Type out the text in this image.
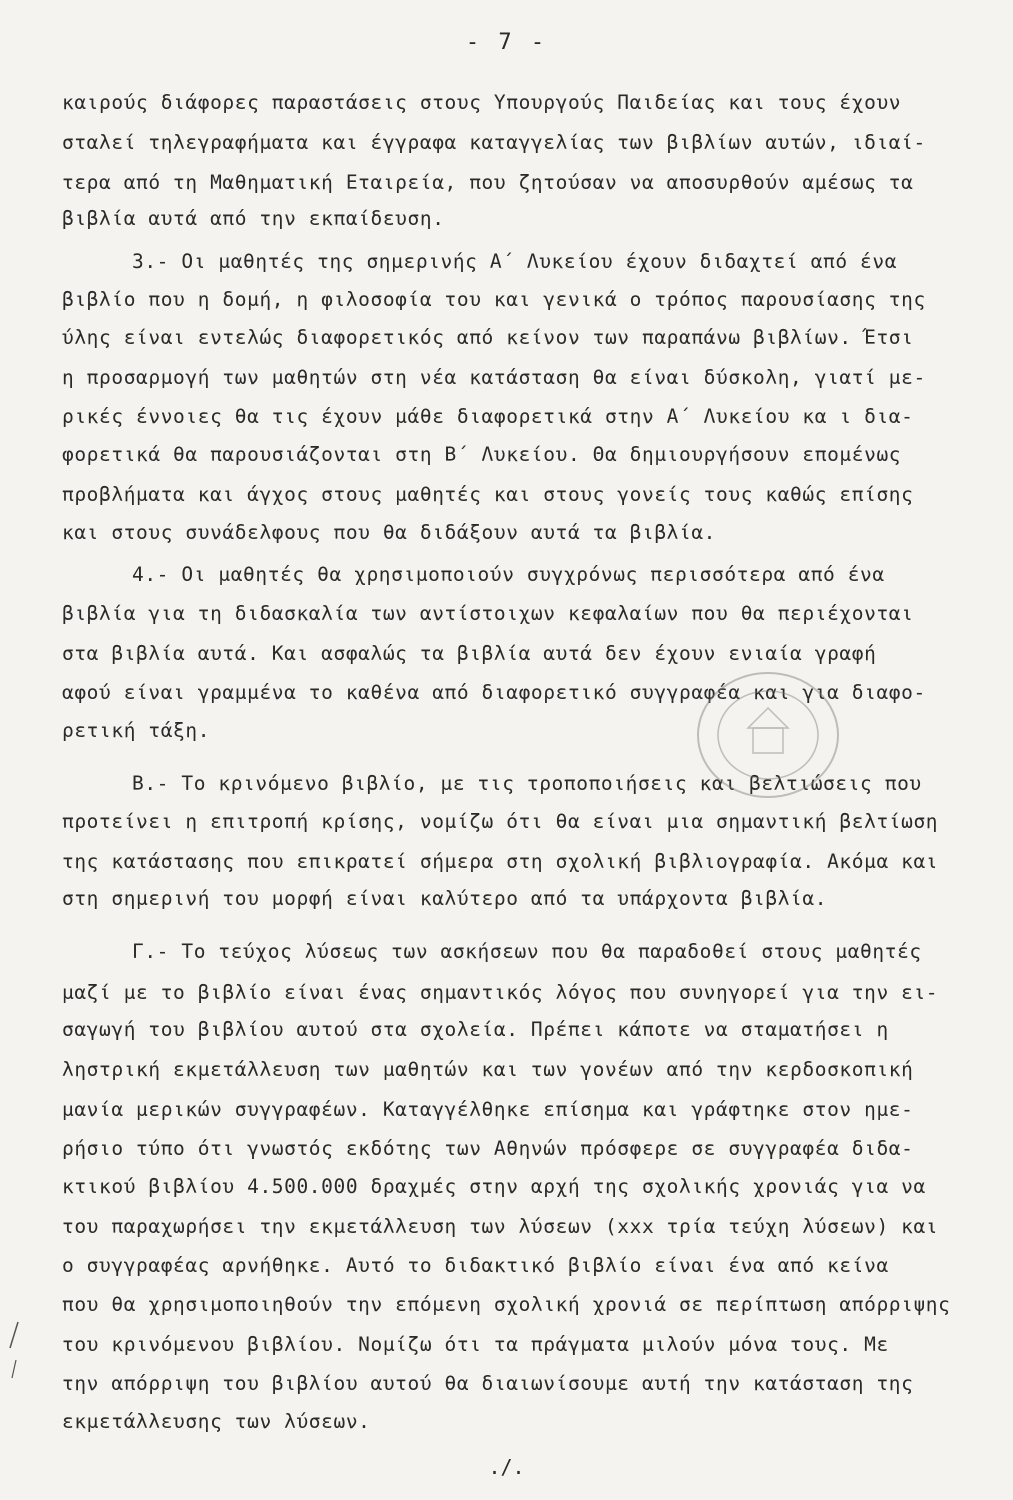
- 7 -
καιρούς διάφορες παραστάσεις στους Υπουργούς Παιδείας και τους έχουν
σταλεί τηλεγραφήματα και έγγραφα καταγγελίας των βιβλίων αυτών, ιδιαί-
τερα από τη Μαθηματική Εταιρεία, που ζητούσαν να αποσυρθούν αμέσως τα
βιβλία αυτά από την εκπαίδευση.
3.- Οι μαθητές της σημερινής Α΄ Λυκείου έχουν διδαχτεί από ένα
βιβλίο που η δομή, η φιλοσοφία του και γενικά ο τρόπος παρουσίασης της
ύλης είναι εντελώς διαφορετικός από κείνον των παραπάνω βιβλίων. Έτσι
η προσαρμογή των μαθητών στη νέα κατάσταση θα είναι δύσκολη, γιατί με-
ρικές έννοιες θα τις έχουν μάθε διαφορετικά στην Α΄ Λυκείου κα ι δια-
φορετικά θα παρουσιάζονται στη Β΄ Λυκείου. Θα δημιουργήσουν επομένως
προβλήματα και άγχος στους μαθητές και στους γονείς τους καθώς επίσης
και στους συνάδελφους που θα διδάξουν αυτά τα βιβλία.
4.- Οι μαθητές θα χρησιμοποιούν συγχρόνως περισσότερα από ένα
βιβλία για τη διδασκαλία των αντίστοιχων κεφαλαίων που θα περιέχονται
στα βιβλία αυτά. Και ασφαλώς τα βιβλία αυτά δεν έχουν ενιαία γραφή
αφού είναι γραμμένα το καθένα από διαφορετικό συγγραφέα και για διαφο-
ρετική τάξη.
Β.- Το κρινόμενο βιβλίο, με τις τροποποιήσεις και βελτιώσεις που
προτείνει η επιτροπή κρίσης, νομίζω ότι θα είναι μια σημαντική βελτίωση
της κατάστασης που επικρατεί σήμερα στη σχολική βιβλιογραφία. Ακόμα και
στη σημερινή του μορφή είναι καλύτερο από τα υπάρχοντα βιβλία.
Γ.- Το τεύχος λύσεως των ασκήσεων που θα παραδοθεί στους μαθητές
μαζί με το βιβλίο είναι ένας σημαντικός λόγος που συνηγορεί για την ει-
σαγωγή του βιβλίου αυτού στα σχολεία. Πρέπει κάποτε να σταματήσει η
ληστρική εκμετάλλευση των μαθητών και των γονέων από την κερδοσκοπική
μανία μερικών συγγραφέων. Καταγγέλθηκε επίσημα και γράφτηκε στον ημε-
ρήσιο τύπο ότι γνωστός εκδότης των Αθηνών πρόσφερε σε συγγραφέα διδα-
κτικού βιβλίου 4.500.000 δραχμές στην αρχή της σχολικής χρονιάς για να
του παραχωρήσει την εκμετάλλευση των λύσεων (xxx τρία τεύχη λύσεων) και
ο συγγραφέας αρνήθηκε. Αυτό το διδακτικό βιβλίο είναι ένα από κείνα
που θα χρησιμοποιηθούν την επόμενη σχολική χρονιά σε περίπτωση απόρριψης
του κρινόμενου βιβλίου. Νομίζω ότι τα πράγματα μιλούν μόνα τους. Με
την απόρριψη του βιβλίου αυτού θα διαιωνίσουμε αυτή την κατάσταση της
εκμετάλλευσης των λύσεων.
./.
